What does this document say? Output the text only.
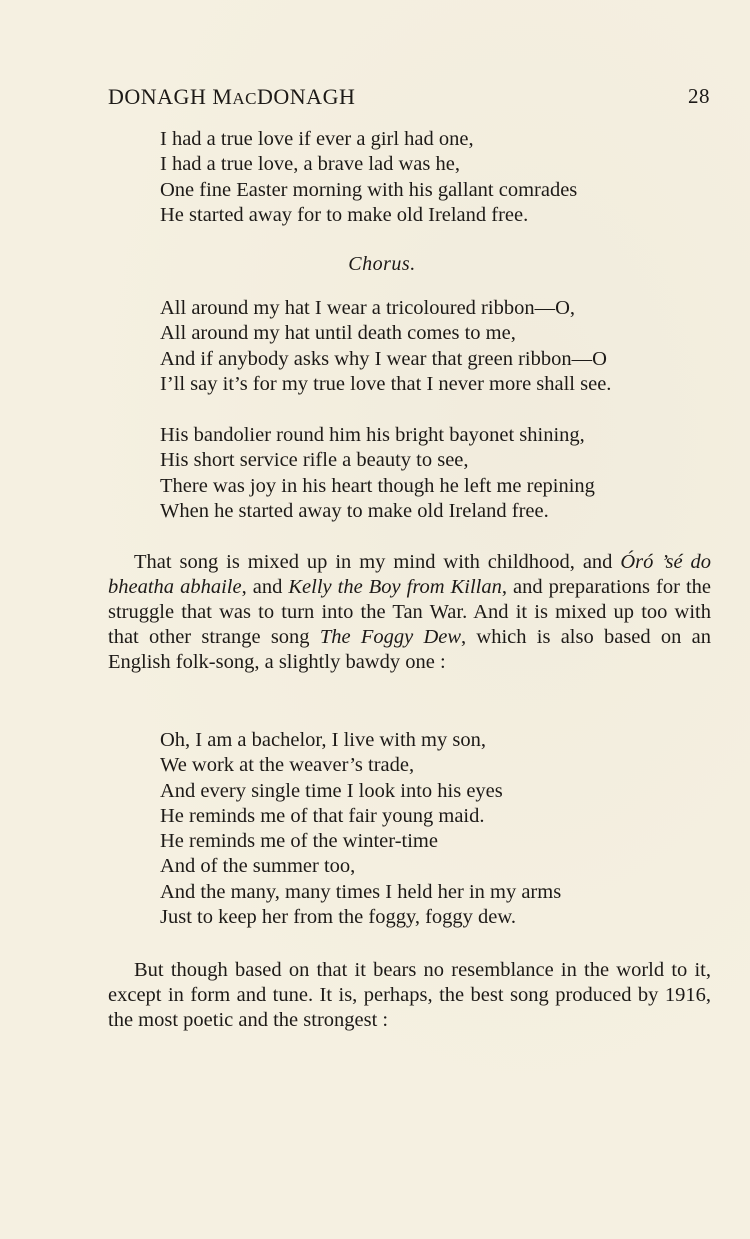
DONAGH MACDONAGH	28
I had a true love if ever a girl had one,
I had a true love, a brave lad was he,
One fine Easter morning with his gallant comrades
He started away for to make old Ireland free.
Chorus.
All around my hat I wear a tricoloured ribbon—O,
All around my hat until death comes to me,
And if anybody asks why I wear that green ribbon—O
I’ll say it’s for my true love that I never more shall see.
His bandolier round him his bright bayonet shining,
His short service rifle a beauty to see,
There was joy in his heart though he left me repining
When he started away to make old Ireland free.

That song is mixed up in my mind with childhood, and Óró ’sé do bheatha abhaile, and Kelly the Boy from Killan, and preparations for the struggle that was to turn into the Tan War. And it is mixed up too with that other strange song The Foggy Dew, which is also based on an English folk-song, a slightly bawdy one :

Oh, I am a bachelor, I live with my son,
We work at the weaver’s trade,
And every single time I look into his eyes
He reminds me of that fair young maid.
He reminds me of the winter-time
And of the summer too,
And the many, many times I held her in my arms
Just to keep her from the foggy, foggy dew.

But though based on that it bears no resemblance in the world to it, except in form and tune. It is, perhaps, the best song produced by 1916, the most poetic and the strongest :
